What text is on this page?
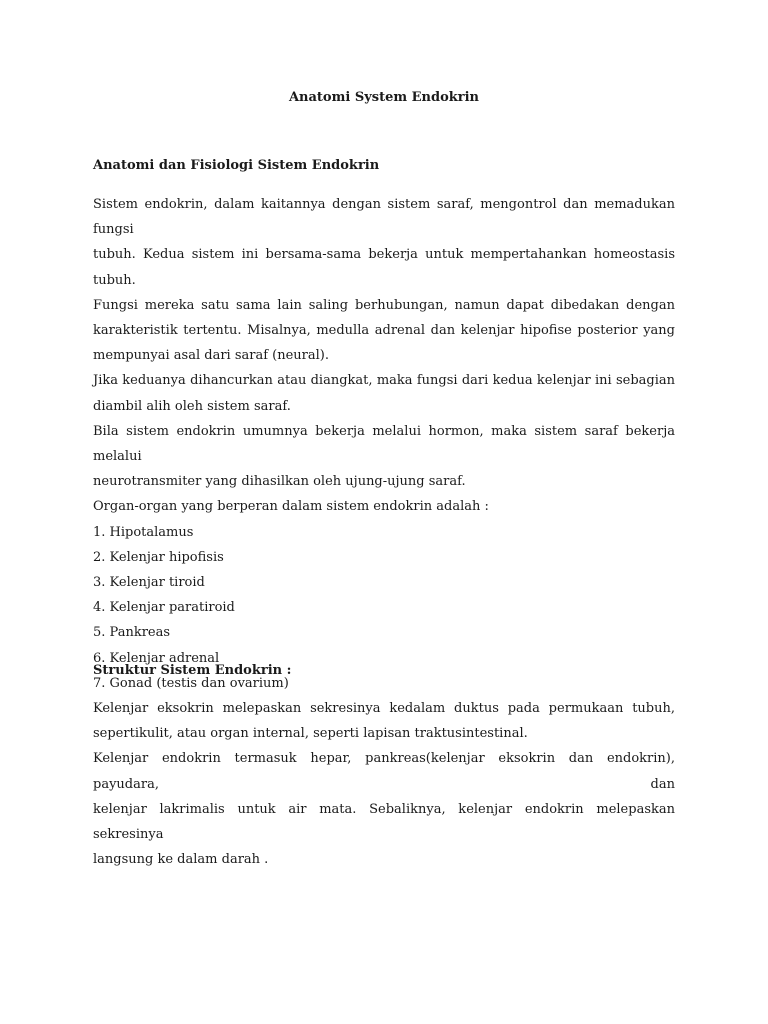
Anatomi System Endokrin
Anatomi dan Fisiologi Sistem Endokrin
Sistem endokrin, dalam kaitannya dengan sistem saraf, mengontrol dan memadukan fungsi
tubuh. Kedua sistem ini bersama-sama bekerja untuk mempertahankan homeostasis tubuh.
Fungsi mereka satu sama lain saling berhubungan, namun dapat dibedakan dengan
karakteristik tertentu. Misalnya, medulla adrenal dan kelenjar hipofise posterior yang
mempunyai asal dari saraf (neural).
Jika keduanya dihancurkan atau diangkat, maka fungsi dari kedua kelenjar ini sebagian
diambil alih oleh sistem saraf.
Bila sistem endokrin umumnya bekerja melalui hormon, maka sistem saraf bekerja melalui
neurotransmiter yang dihasilkan oleh ujung-ujung saraf.
Organ-organ yang berperan dalam sistem endokrin adalah :
1. Hipotalamus
2. Kelenjar hipofisis
3. Kelenjar tiroid
4. Kelenjar paratiroid
5. Pankreas
6. Kelenjar adrenal
7. Gonad (testis dan ovarium)
Struktur Sistem Endokrin :
Kelenjar eksokrin melepaskan sekresinya kedalam duktus pada permukaan tubuh,
sepertikulit, atau organ internal, seperti lapisan traktusintestinal.
Kelenjar endokrin termasuk hepar, pankreas(kelenjar eksokrin dan endokrin), payudara, dan
kelenjar lakrimalis untuk air mata. Sebaliknya, kelenjar endokrin melepaskan sekresinya
langsung ke dalam darah .
